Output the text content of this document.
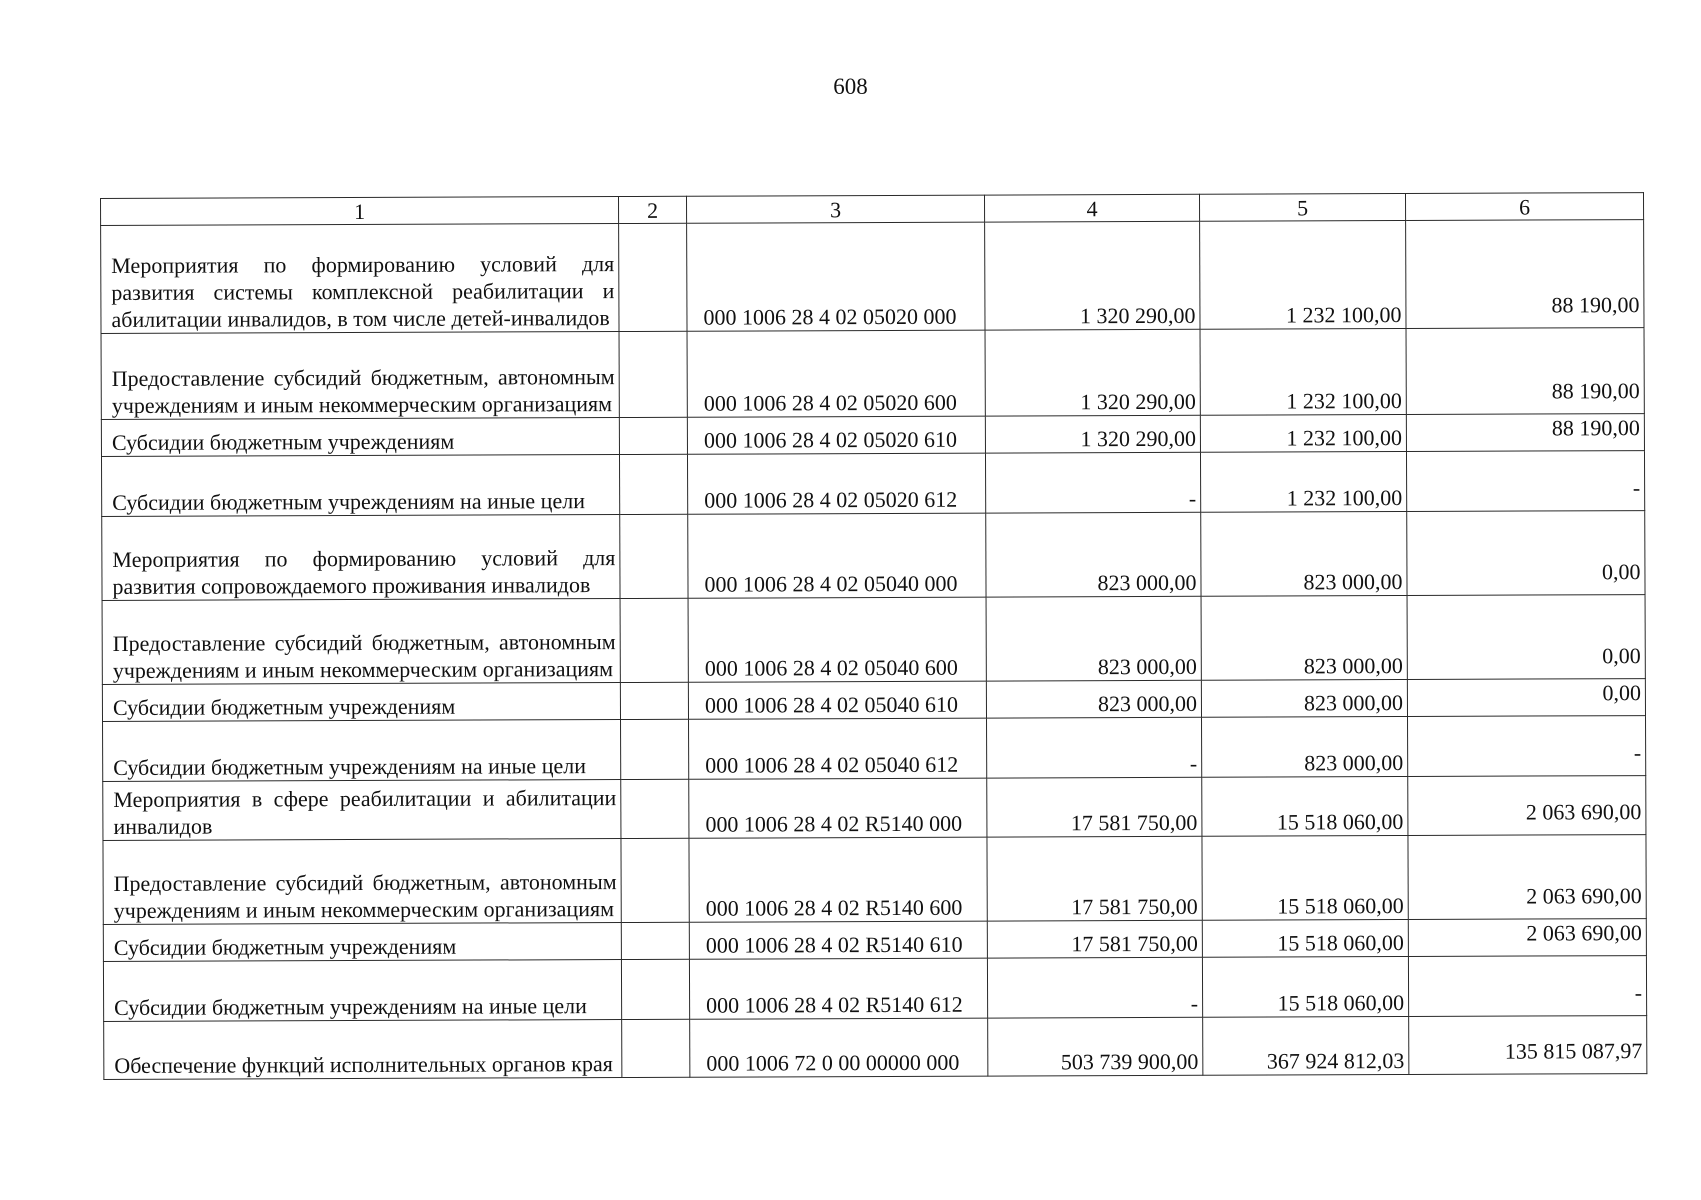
608
1	2	3	4	5	6
Мероприятия по формированию условий для развития системы комплексной реабилитации и абилитации инвалидов, в том числе детей-инвалидов		000 1006 28 4 02 05020 000	1 320 290,00	1 232 100,00	88 190,00
Предоставление субсидий бюджетным, автономным учреждениям и иным некоммерческим организациям		000 1006 28 4 02 05020 600	1 320 290,00	1 232 100,00	88 190,00
Субсидии бюджетным учреждениям		000 1006 28 4 02 05020 610	1 320 290,00	1 232 100,00	88 190,00
Субсидии бюджетным учреждениям на иные цели		000 1006 28 4 02 05020 612	-	1 232 100,00	-
Мероприятия по формированию условий для развития сопровождаемого проживания инвалидов		000 1006 28 4 02 05040 000	823 000,00	823 000,00	0,00
Предоставление субсидий бюджетным, автономным учреждениям и иным некоммерческим организациям		000 1006 28 4 02 05040 600	823 000,00	823 000,00	0,00
Субсидии бюджетным учреждениям		000 1006 28 4 02 05040 610	823 000,00	823 000,00	0,00
Субсидии бюджетным учреждениям на иные цели		000 1006 28 4 02 05040 612	-	823 000,00	-
Мероприятия в сфере реабилитации и абилитации инвалидов		000 1006 28 4 02 R5140 000	17 581 750,00	15 518 060,00	2 063 690,00
Предоставление субсидий бюджетным, автономным учреждениям и иным некоммерческим организациям		000 1006 28 4 02 R5140 600	17 581 750,00	15 518 060,00	2 063 690,00
Субсидии бюджетным учреждениям		000 1006 28 4 02 R5140 610	17 581 750,00	15 518 060,00	2 063 690,00
Субсидии бюджетным учреждениям на иные цели		000 1006 28 4 02 R5140 612	-	15 518 060,00	-
Обеспечение функций исполнительных органов края		000 1006 72 0 00 00000 000	503 739 900,00	367 924 812,03	135 815 087,97
